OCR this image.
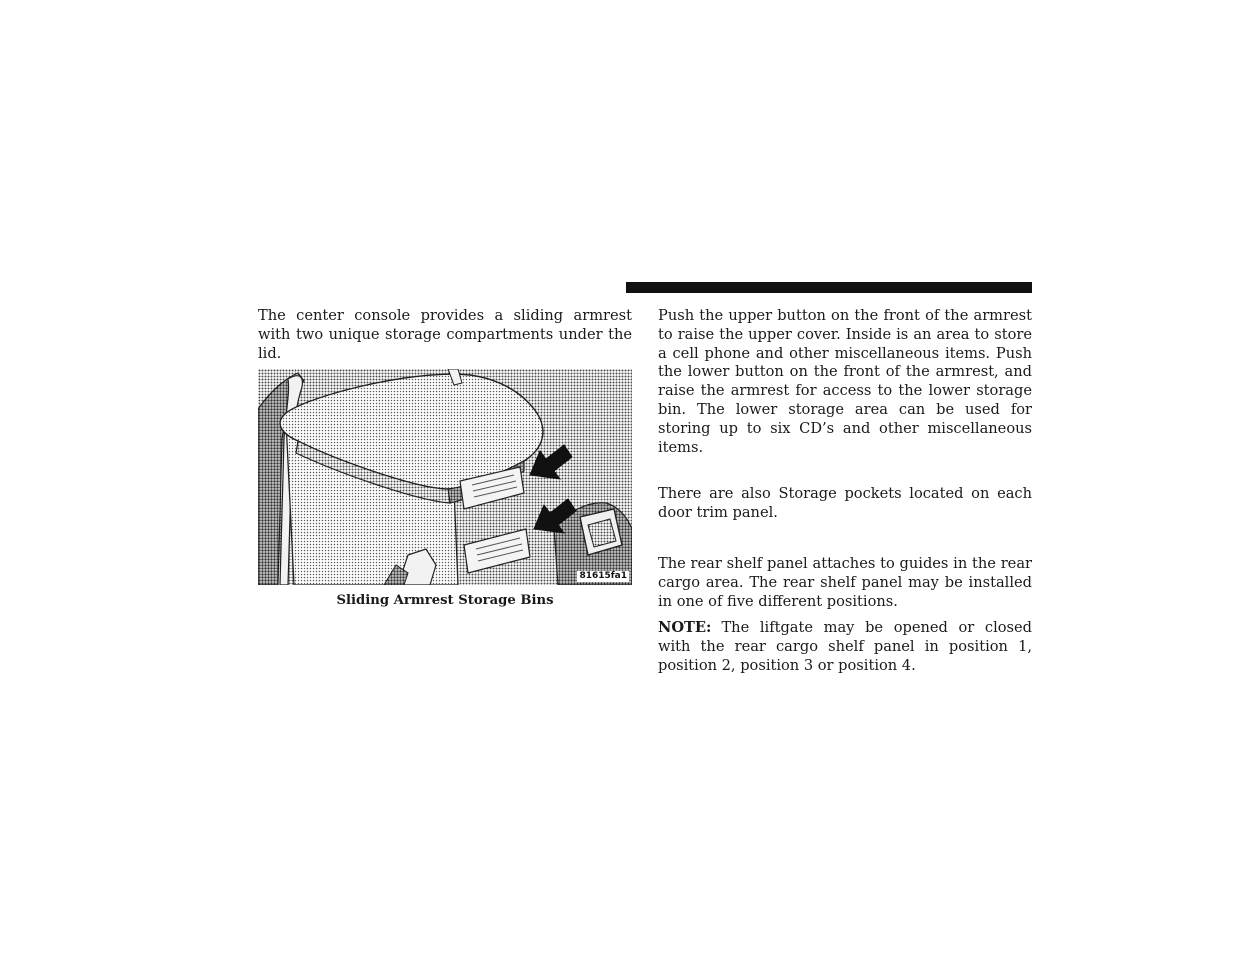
The center console provides a sliding armrest with two unique storage compartments under the lid.

81615fa1
Sliding Armrest Storage Bins

Push the upper button on the front of the armrest to raise the upper cover. Inside is an area to store a cell phone and other miscellaneous items. Push the lower button on the front of the armrest, and raise the armrest for access to the lower storage bin. The lower storage area can be used for storing up to six CD’s and other miscellaneous items.

There are also Storage pockets located on each door trim panel.

The rear shelf panel attaches to guides in the rear cargo area. The rear shelf panel may be installed in one of five different positions.

NOTE: The liftgate may be opened or closed with the rear cargo shelf panel in position 1, position 2, position 3 or position 4.
